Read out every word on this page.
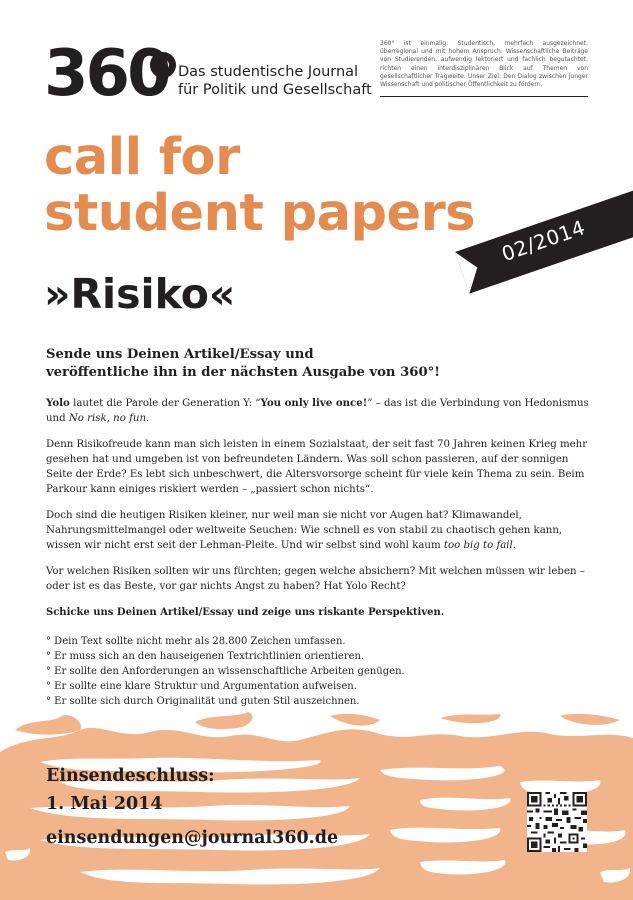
360 Das studentische Journal
für Politik und Gesellschaft
360° ist einmalig: Studentisch, mehrfach ausgezeichnet, überregional und mit hohem Anspruch. Wissenschaftliche Beiträge von Studierenden, aufwendig lektoriert und fachlich begutachtet, richten einen interdisziplinären Blick auf Themen von gesellschaftlicher Tragweite. Unser Ziel: Den Dialog zwischen junger Wissenschaft und politischer Öffentlichkeit zu fördern.
call for
student papers
»Risiko«
02/2014
Sende uns Deinen Artikel/Essay und
veröffentliche ihn in der nächsten Ausgabe von 360°!

Yolo lautet die Parole der Generation Y: “You only live once!” – das ist die Verbindung von Hedonismus und No risk, no fun.

Denn Risikofreude kann man sich leisten in einem Sozialstaat, der seit fast 70 Jahren keinen Krieg mehr gesehen hat und umgeben ist von befreundeten Ländern. Was soll schon passieren, auf der sonnigen Seite der Erde? Es lebt sich unbeschwert, die Altersvorsorge scheint für viele kein Thema zu sein. Beim Parkour kann einiges riskiert werden – „passiert schon nichts“.

Doch sind die heutigen Risiken kleiner, nur weil man sie nicht vor Augen hat? Klimawandel, Nahrungsmittelmangel oder weltweite Seuchen: Wie schnell es von stabil zu chaotisch gehen kann, wissen wir nicht erst seit der Lehman-Pleite. Und wir selbst sind wohl kaum too big to fail.

Vor welchen Risiken sollten wir uns fürchten; gegen welche absichern? Mit welchen müssen wir leben – oder ist es das Beste, vor gar nichts Angst zu haben? Hat Yolo Recht?

Schicke uns Deinen Artikel/Essay und zeige uns riskante Perspektiven.

° Dein Text sollte nicht mehr als 28.800 Zeichen umfassen.
° Er muss sich an den hauseigenen Textrichtlinien orientieren.
° Er sollte den Anforderungen an wissenschaftliche Arbeiten genügen.
° Er sollte eine klare Struktur und Argumentation aufweisen.
° Er sollte sich durch Originalität und guten Stil auszeichnen.
Einsendeschluss:
1. Mai 2014
einsendungen@journal360.de
